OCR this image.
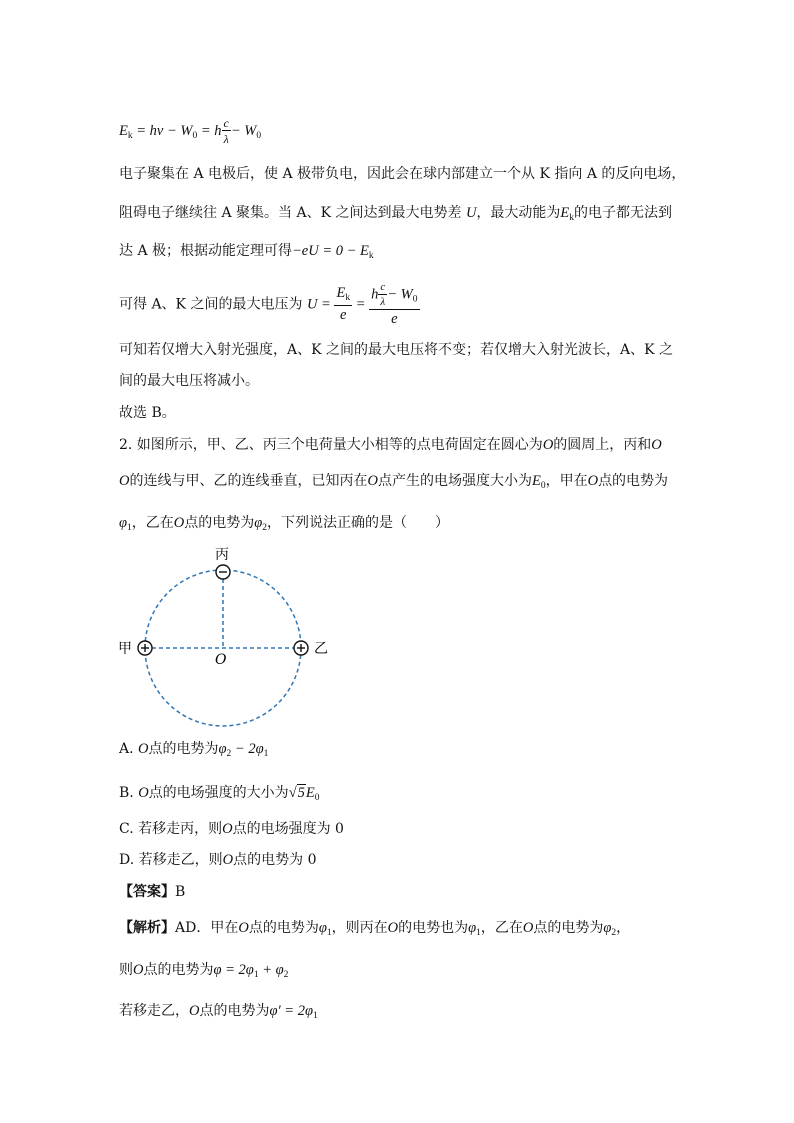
$E_k = h\nu - W_0 = h \frac{c}{\lambda} - W_0$
电子聚集在 A 电极后，使 A 极带负电，因此会在球内部建立一个从 K 指向 A 的反向电场，
阻碍电子继续往 A 聚集。当 A、K 之间达到最大电势差 U，最大动能为$E_k$的电子都无法到
达 A 极；根据动能定理可得$-eU = 0 - E_k$
可得 A、K 之间的最大电压为 $U = \frac{E_k}{e} = \frac{h \frac{c}{\lambda} - W_0}{e}$
可知若仅增大入射光强度，A、K 之间的最大电压将不变；若仅增大入射光波长，A、K 之
间的最大电压将减小。
故选 B。
2. 如图所示，甲、乙、丙三个电荷量大小相等的点电荷固定在圆心为O的圆周上，丙和O
O的连线与甲、乙的连线垂直，已知丙在O点产生的电场强度大小为$E_0$，甲在O点的电势为
$\varphi_1$，乙在O点的电势为$\varphi_2$，下列说法正确的是（　　）
丙
甲	乙
O
A. O点的电势为$\varphi_2 - 2\varphi_1$
B. O点的电场强度的大小为$√5E_0$
C. 若移走丙，则O点的电场强度为 0
D. 若移走乙，则O点的电势为 0
【答案】B
【解析】AD．甲在O点的电势为$\varphi_1$，则丙在O的电势也为$\varphi_1$，乙在O点的电势为$\varphi_2$，
则O点的电势为$\varphi = 2\varphi_1 + \varphi_2$
若移走乙，O点的电势为$\varphi' = 2\varphi_1$
